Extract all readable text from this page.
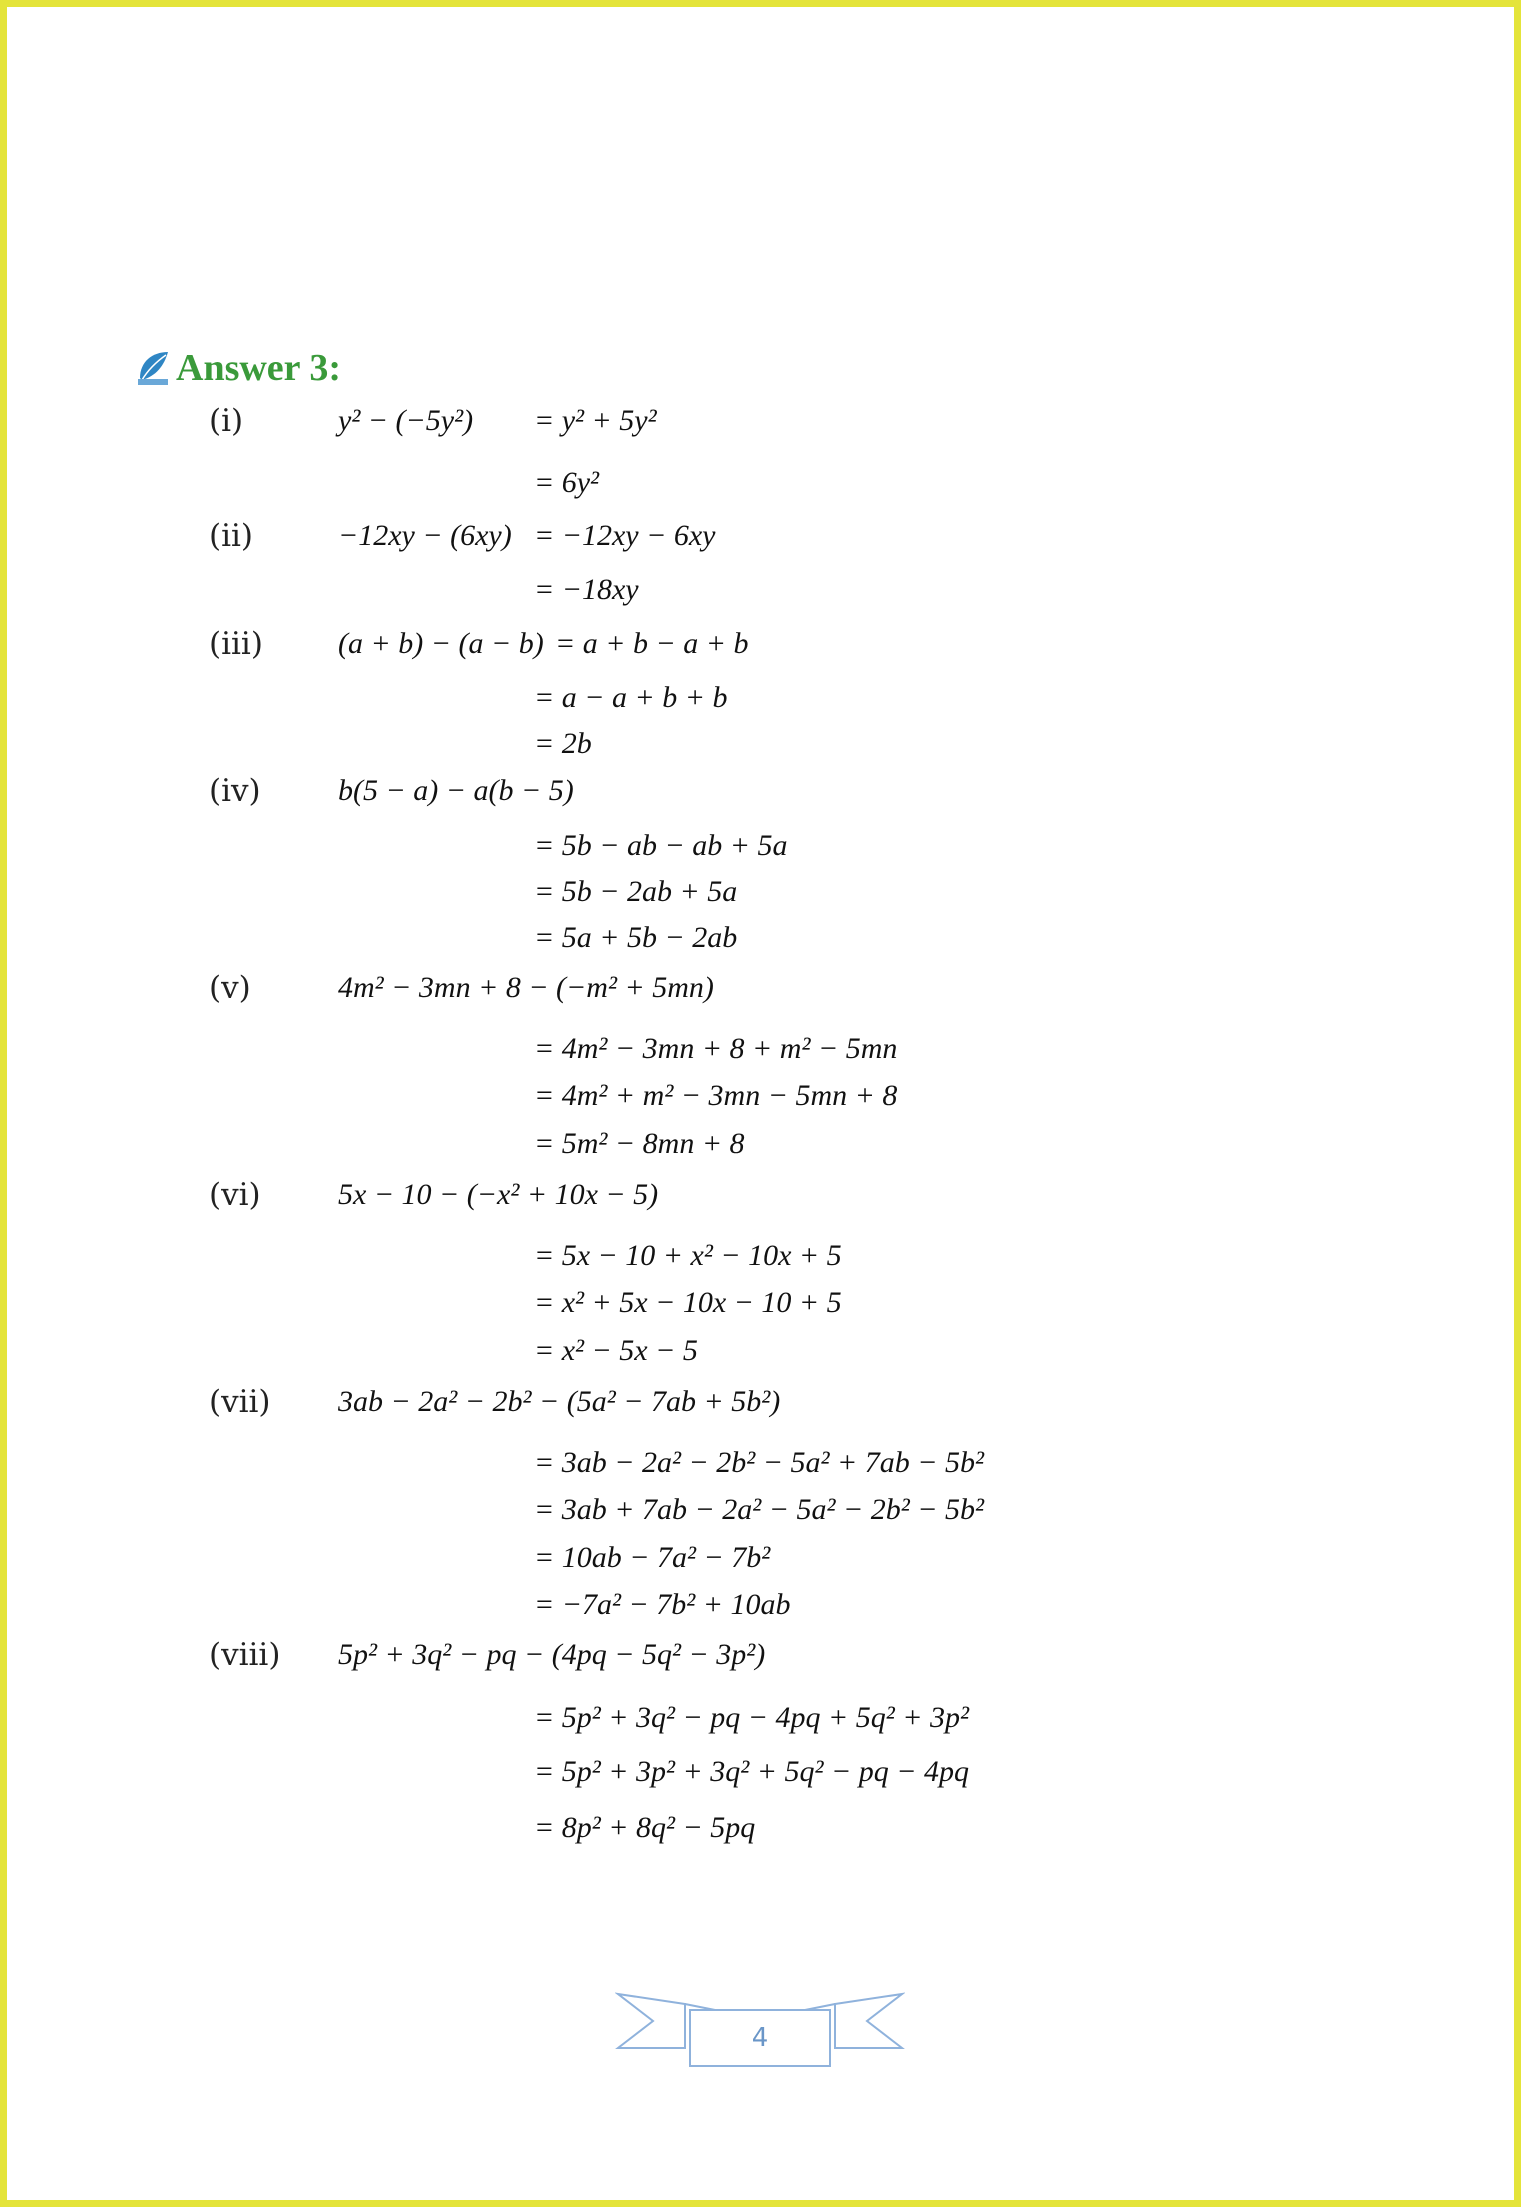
Answer 3:
(i)	y² − (−5y²) = y² + 5y²
= 6y²
(ii)	−12xy − (6xy) = −12xy − 6xy
= −18xy
(iii)	(a + b) − (a − b) = a + b − a + b
= a − a + b + b
= 2b
(iv)	b(5 − a) − a(b − 5)
= 5b − ab − ab + 5a
= 5b − 2ab + 5a
= 5a + 5b − 2ab
(v)	4m² − 3mn + 8 − (−m² + 5mn)
= 4m² − 3mn + 8 + m² − 5mn
= 4m² + m² − 3mn − 5mn + 8
= 5m² − 8mn + 8
(vi)	5x − 10 − (−x² + 10x − 5)
= 5x − 10 + x² − 10x + 5
= x² + 5x − 10x − 10 + 5
= x² − 5x − 5
(vii) 3ab − 2a² − 2b² − (5a² − 7ab + 5b²)
= 3ab − 2a² − 2b² − 5a² + 7ab − 5b²
= 3ab + 7ab − 2a² − 5a² − 2b² − 5b²
= 10ab − 7a² − 7b²
= −7a² − 7b² + 10ab
(viii) 5p² + 3q² − pq − (4pq − 5q² − 3p²)
= 5p² + 3q² − pq − 4pq + 5q² + 3p²
= 5p² + 3p² + 3q² + 5q² − pq − 4pq
= 8p² + 8q² − 5pq
4
